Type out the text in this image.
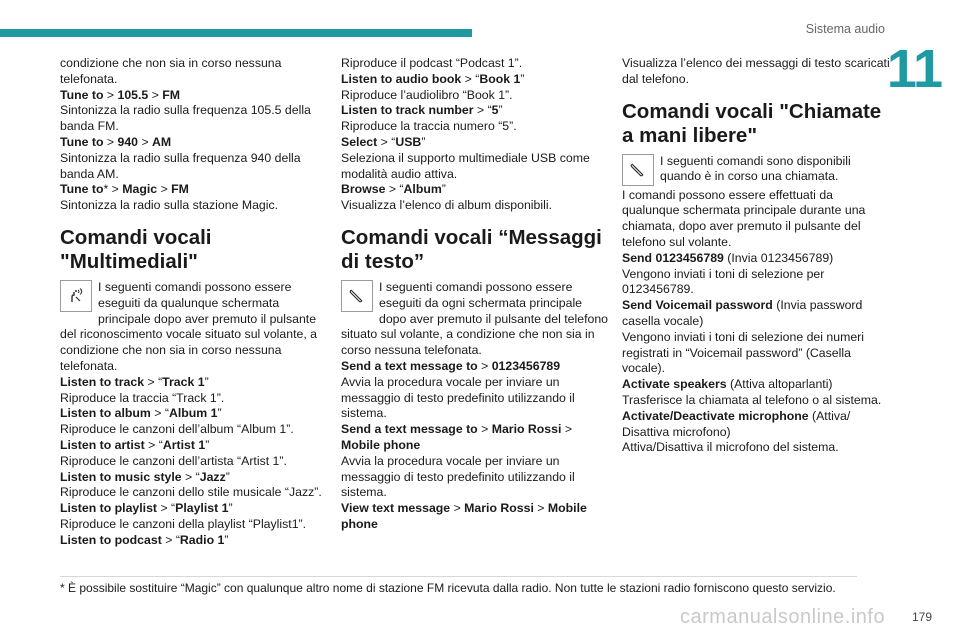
Sistema audio
11

condizione che non sia in corso nessuna telefonata.

Tune to > 105.5 > FM

Sintonizza la radio sulla frequenza 105.5 della banda FM.

Tune to > 940 > AM

Sintonizza la radio sulla frequenza 940 della banda AM.

Tune to* > Magic > FM

Sintonizza la radio sulla stazione Magic.

Comandi vocali "Multimediali"

I seguenti comandi possono essere eseguiti da qualunque schermata principale dopo aver premuto il pulsante del riconoscimento vocale situato sul volante, a condizione che non sia in corso nessuna telefonata.

Listen to track > “Track 1”

Riproduce la traccia “Track 1”.

Listen to album > “Album 1”

Riproduce le canzoni dell’album “Album 1”.

Listen to artist > “Artist 1”

Riproduce le canzoni dell’artista “Artist 1”.

Listen to music style > “Jazz”

Riproduce le canzoni dello stile musicale “Jazz”.

Listen to playlist > “Playlist 1”

Riproduce le canzoni della playlist “Playlist1”.

Listen to podcast > “Radio 1”

Riproduce il podcast “Podcast 1”.

Listen to audio book > “Book 1”

Riproduce l’audiolibro “Book 1”.

Listen to track number > “5”

Riproduce la traccia numero “5”.

Select > “USB”

Seleziona il supporto multimediale USB come modalità audio attiva.

Browse > “Album”

Visualizza l’elenco di album disponibili.

Comandi vocali “Messaggi di testo”

I seguenti comandi possono essere eseguiti da ogni schermata principale dopo aver premuto il pulsante del telefono situato sul volante, a condizione che non sia in corso nessuna telefonata.

Send a text message to > 0123456789

Avvia la procedura vocale per inviare un messaggio di testo predefinito utilizzando il sistema.

Send a text message to > Mario Rossi > Mobile phone

Avvia la procedura vocale per inviare un messaggio di testo predefinito utilizzando il sistema.

View text message > Mario Rossi > Mobile phone

Visualizza l’elenco dei messaggi di testo scaricati dal telefono.

Comandi vocali "Chiamate a mani libere"

I seguenti comandi sono disponibili quando è in corso una chiamata.

I comandi possono essere effettuati da qualunque schermata principale durante una chiamata, dopo aver premuto il pulsante del telefono sul volante.

Send 0123456789 (Invia 0123456789)

Vengono inviati i toni di selezione per 0123456789.

Send Voicemail password (Invia password casella vocale)

Vengono inviati i toni di selezione dei numeri registrati in “Voicemail password” (Casella vocale).

Activate speakers (Attiva altoparlanti)

Trasferisce la chiamata al telefono o al sistema.

Activate/Deactivate microphone (Attiva/ Disattiva microfono)

Attiva/Disattiva il microfono del sistema.

* È possibile sostituire “Magic” con qualunque altro nome di stazione FM ricevuta dalla radio. Non tutte le stazioni radio forniscono questo servizio.
carmanualsonline.info 179
